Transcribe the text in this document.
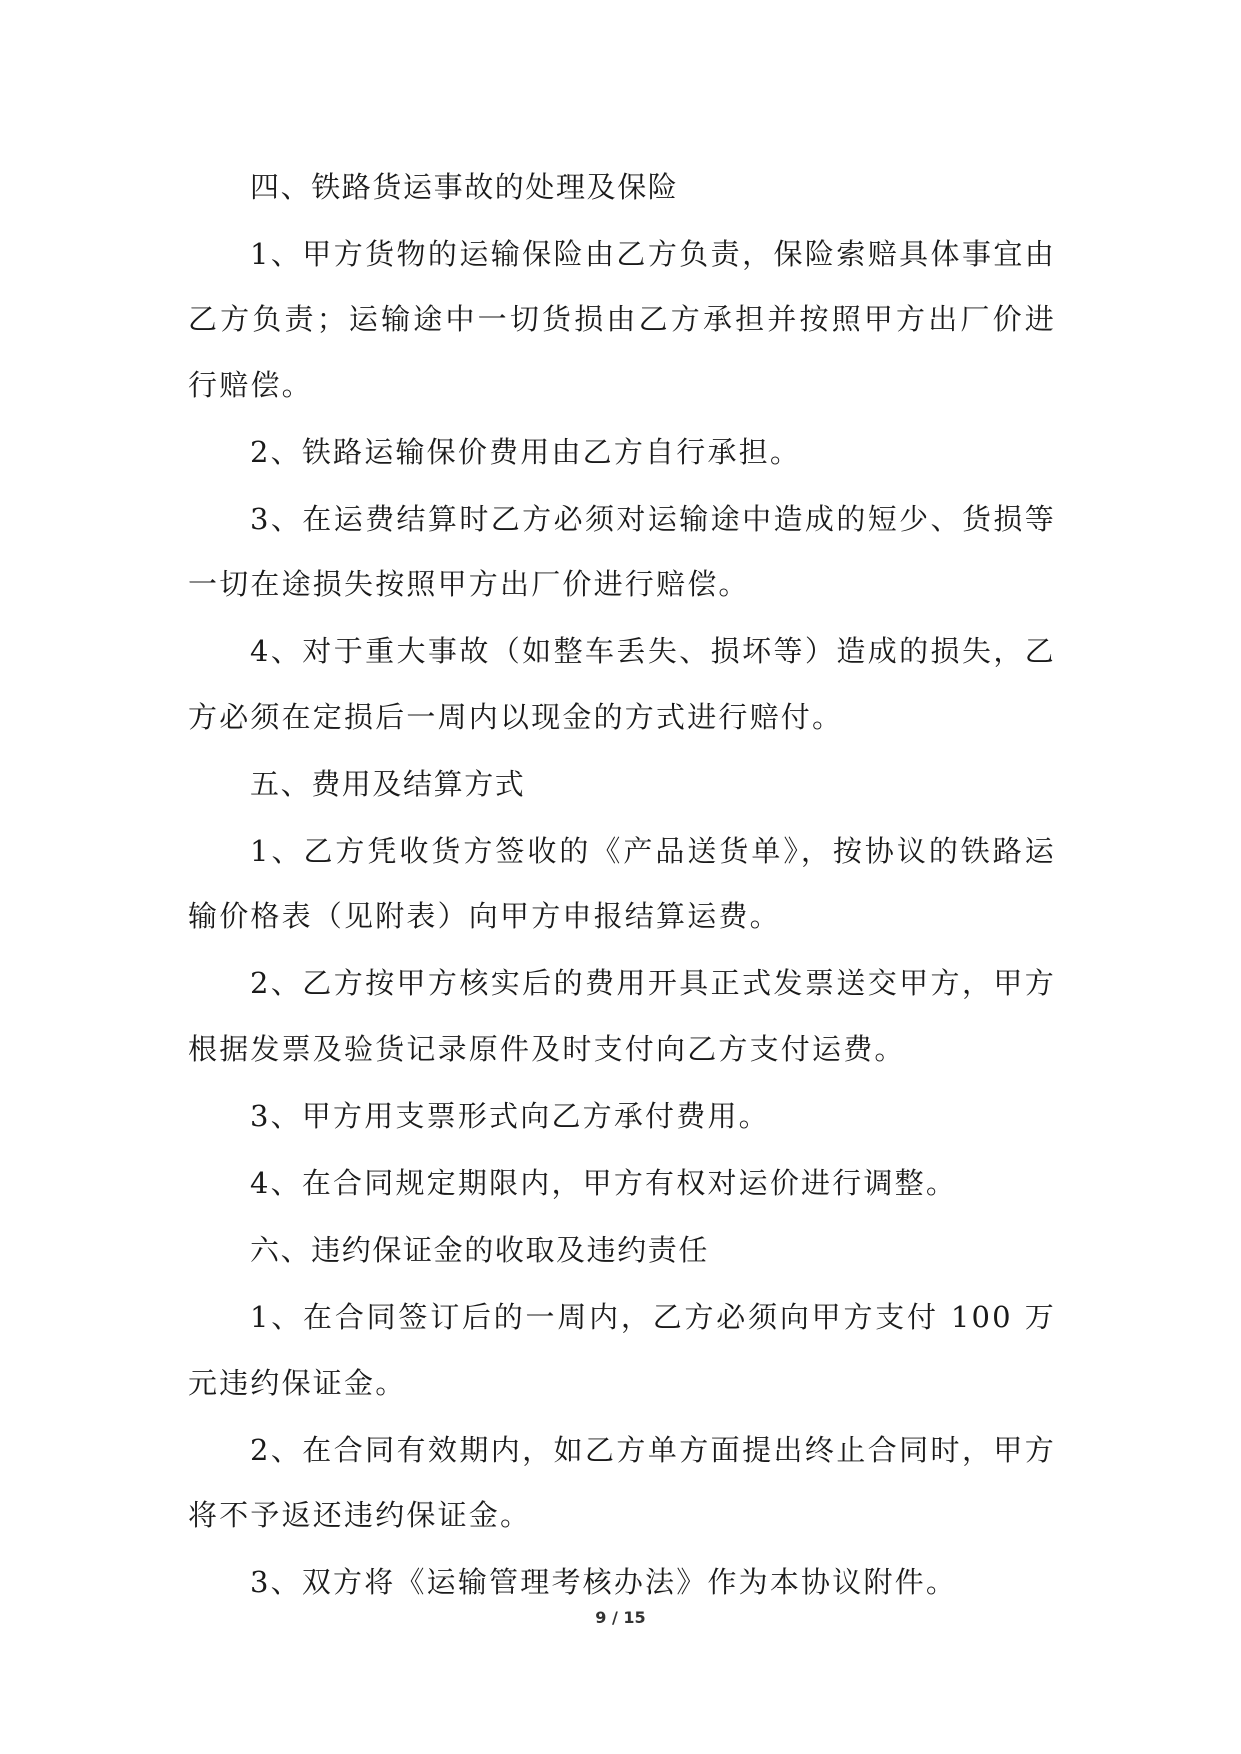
四、铁路货运事故的处理及保险

1、甲方货物的运输保险由乙方负责，保险索赔具体事宜由乙方负责；运输途中一切货损由乙方承担并按照甲方出厂价进行赔偿。

2、铁路运输保价费用由乙方自行承担。

3、在运费结算时乙方必须对运输途中造成的短少、货损等一切在途损失按照甲方出厂价进行赔偿。

4、对于重大事故（如整车丢失、损坏等）造成的损失，乙方必须在定损后一周内以现金的方式进行赔付。

五、费用及结算方式

1、乙方凭收货方签收的《产品送货单》，按协议的铁路运输价格表（见附表）向甲方申报结算运费。

2、乙方按甲方核实后的费用开具正式发票送交甲方，甲方根据发票及验货记录原件及时支付向乙方支付运费。

3、甲方用支票形式向乙方承付费用。

4、在合同规定期限内，甲方有权对运价进行调整。

六、违约保证金的收取及违约责任

1、在合同签订后的一周内，乙方必须向甲方支付 100 万元违约保证金。

2、在合同有效期内，如乙方单方面提出终止合同时，甲方将不予返还违约保证金。

3、双方将《运输管理考核办法》作为本协议附件。

9 / 15
